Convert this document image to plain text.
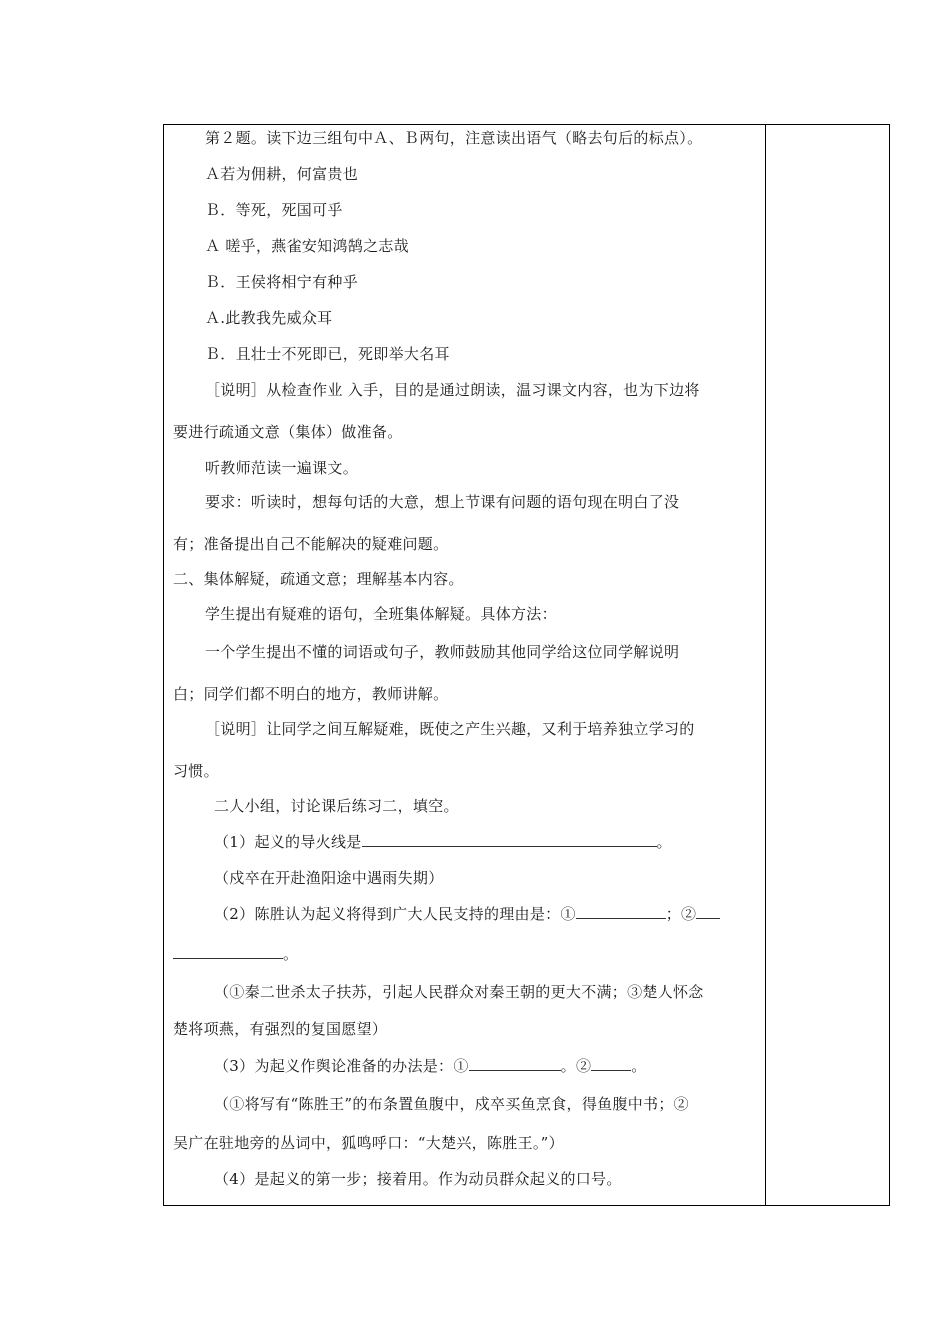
第２题。读下边三组句中Ａ、Ｂ两句，注意读出语气（略去句后的标点）。
Ａ若为佣耕，何富贵也
Ｂ．等死，死国可乎
Ａ 嗟乎，燕雀安知鸿鹄之志哉
Ｂ．王侯将相宁有种乎
Ａ.此教我先威众耳
Ｂ．且壮士不死即已，死即举大名耳
［说明］从检查作业 入手，目的是通过朗读，温习课文内容，也为下边将
要进行疏通文意（集体）做准备。
听教师范读一遍课文。
要求：听读时，想每句话的大意，想上节课有问题的语句现在明白了没
有；准备提出自己不能解决的疑难问题。
二、集体解疑，疏通文意；理解基本内容。
学生提出有疑难的语句，全班集体解疑。具体方法：
一个学生提出不懂的词语或句子，教师鼓励其他同学给这位同学解说明
白；同学们都不明白的地方，教师讲解。
［说明］让同学之间互解疑难，既使之产生兴趣，又利于培养独立学习的
习惯。
二人小组，讨论课后练习二，填空。
（1）起义的导火线是	。
（戍卒在开赴渔阳途中遇雨失期）
（2）陈胜认为起义将得到广大人民支持的理由是：①	；②
。
（①秦二世杀太子扶苏，引起人民群众对秦王朝的更大不满；③楚人怀念
楚将项燕，有强烈的复国愿望）
（3）为起义作舆论准备的办法是：①	。②	。
（①将写有“陈胜王”的布条置鱼腹中，戍卒买鱼烹食，得鱼腹中书；②
吴广在驻地旁的丛词中，狐鸣呼口：“大楚兴，陈胜王。”）
（4）是起义的第一步；接着用。作为动员群众起义的口号。
